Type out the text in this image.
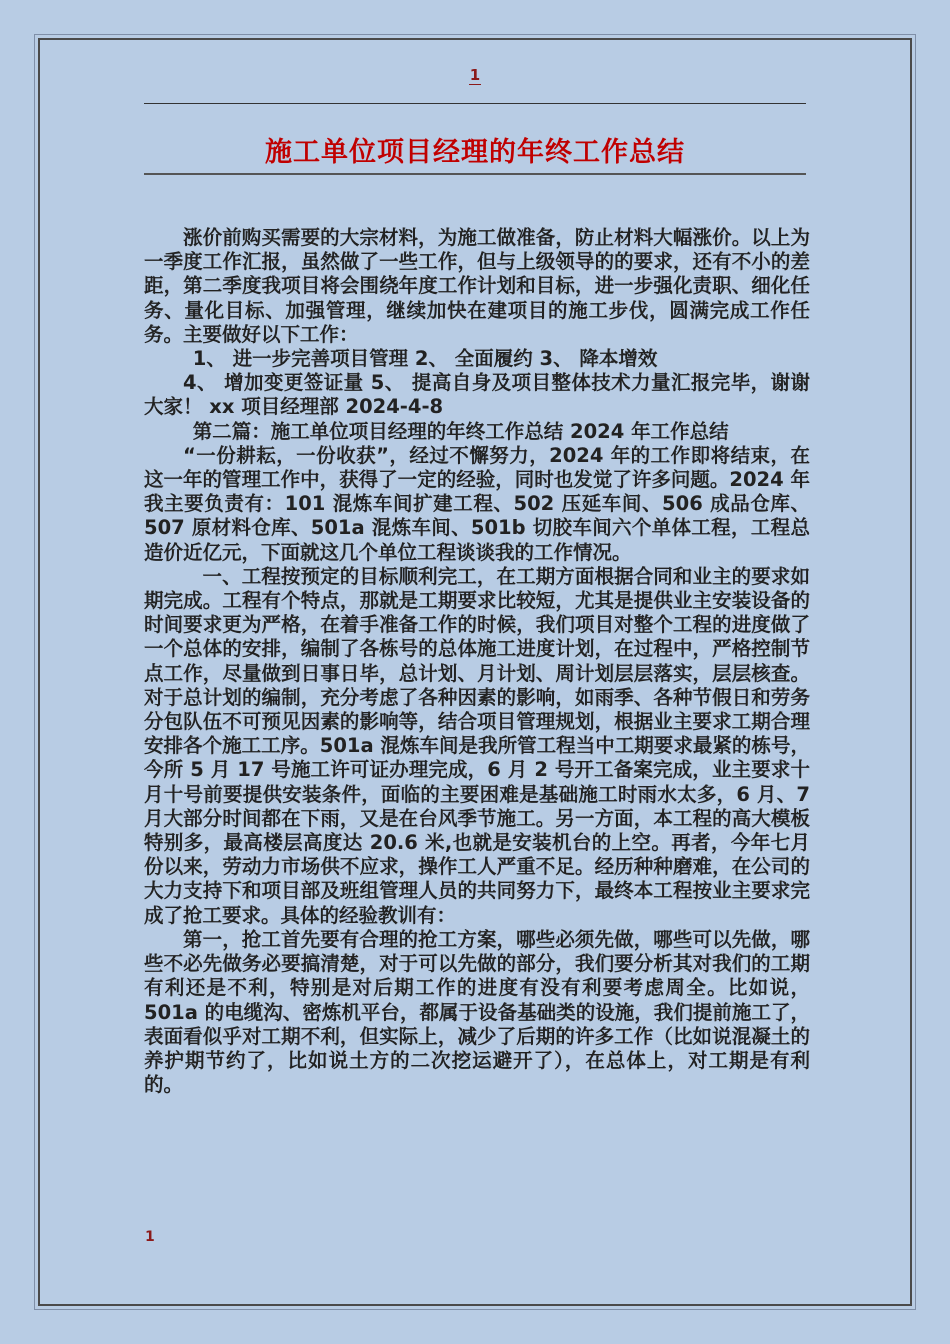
1
施工单位项目经理的年终工作总结

涨价前购买需要的大宗材料，为施工做准备，防止材料大幅涨价。以上为一季度工作汇报，虽然做了一些工作，但与上级领导的的要求，还有不小的差距，第二季度我项目将会围绕年度工作计划和目标，进一步强化责职、细化任务、量化目标、加强管理，继续加快在建项目的施工步伐，圆满完成工作任务。主要做好以下工作：

1、 进一步完善项目管理 2、 全面履约 3、 降本增效

4、 增加变更签证量 5、 提高自身及项目整体技术力量汇报完毕，谢谢大家！ xx 项目经理部 2024-4-8

第二篇：施工单位项目经理的年终工作总结 2024 年工作总结

“一份耕耘，一份收获”，经过不懈努力，2024 年的工作即将结束，在这一年的管理工作中，获得了一定的经验，同时也发觉了许多问题。2024 年我主要负责有：101 混炼车间扩建工程、502 压延车间、506 成品仓库、507 原材料仓库、501a 混炼车间、501b 切胶车间六个单体工程，工程总造价近亿元，下面就这几个单位工程谈谈我的工作情况。

一、工程按预定的目标顺利完工，在工期方面根据合同和业主的要求如期完成。工程有个特点，那就是工期要求比较短，尤其是提供业主安装设备的时间要求更为严格，在着手准备工作的时候，我们项目对整个工程的进度做了一个总体的安排，编制了各栋号的总体施工进度计划，在过程中，严格控制节点工作，尽量做到日事日毕，总计划、月计划、周计划层层落实，层层核查。对于总计划的编制，充分考虑了各种因素的影响，如雨季、各种节假日和劳务分包队伍不可预见因素的影响等，结合项目管理规划，根据业主要求工期合理安排各个施工工序。501a 混炼车间是我所管工程当中工期要求最紧的栋号，今所 5 月 17 号施工许可证办理完成，6 月 2 号开工备案完成，业主要求十月十号前要提供安装条件，面临的主要困难是基础施工时雨水太多，6 月、7 月大部分时间都在下雨，又是在台风季节施工。另一方面，本工程的高大模板特别多，最高楼层高度达 20.6 米,也就是安装机台的上空。再者，今年七月份以来，劳动力市场供不应求，操作工人严重不足。经历种种磨难，在公司的大力支持下和项目部及班组管理人员的共同努力下，最终本工程按业主要求完成了抢工要求。具体的经验教训有：

第一，抢工首先要有合理的抢工方案，哪些必须先做，哪些可以先做，哪些不必先做务必要搞清楚，对于可以先做的部分，我们要分析其对我们的工期有利还是不利，特别是对后期工作的进度有没有利要考虑周全。比如说，501a 的电缆沟、密炼机平台，都属于设备基础类的设施，我们提前施工了，表面看似乎对工期不利，但实际上，减少了后期的许多工作（比如说混凝土的养护期节约了，比如说土方的二次挖运避开了），在总体上，对工期是有利的。

1
